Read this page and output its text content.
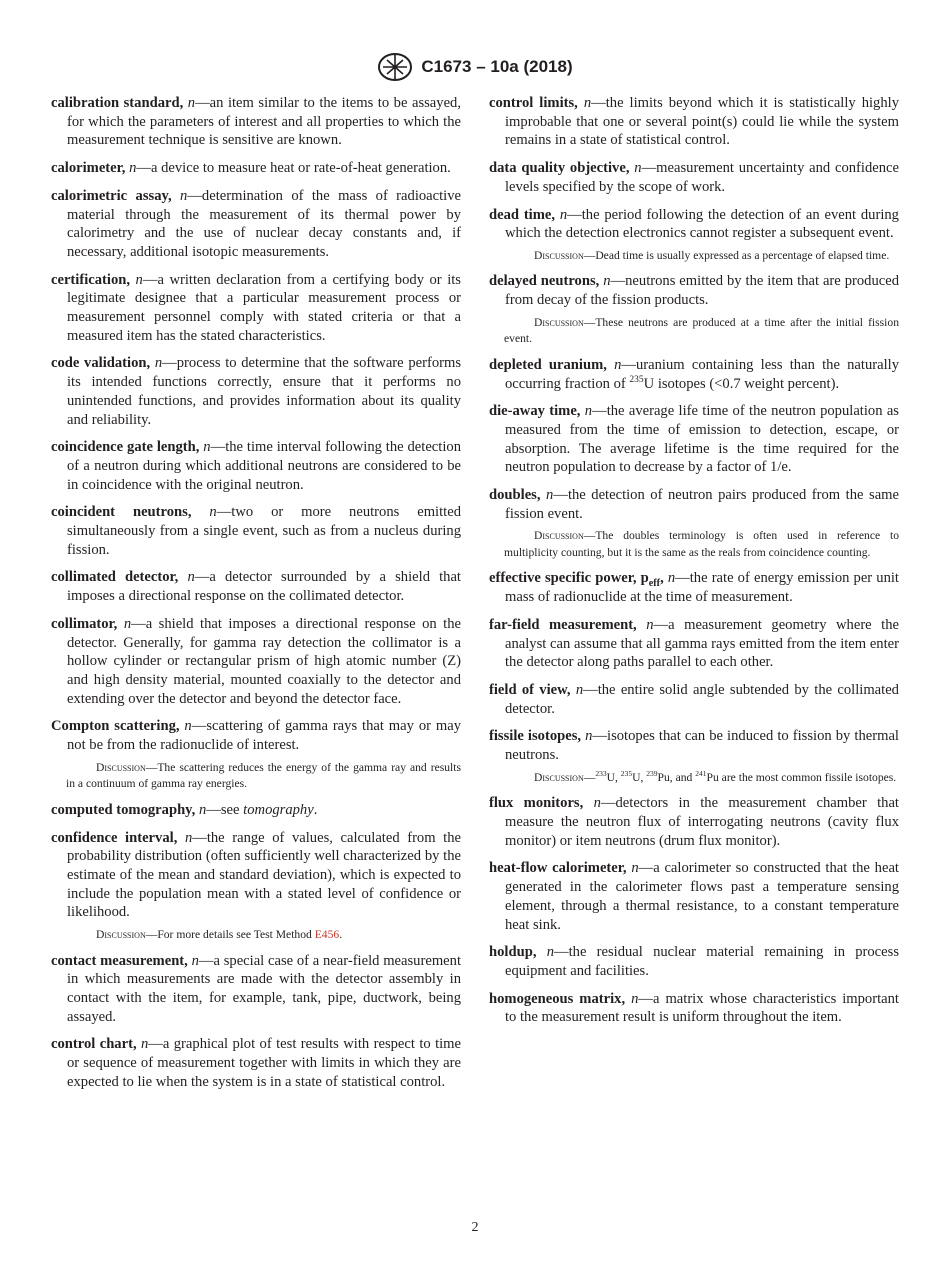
C1673 – 10a (2018)

calibration standard, n—an item similar to the items to be assayed, for which the parameters of interest and all properties to which the measurement technique is sensitive are known.

calorimeter, n—a device to measure heat or rate-of-heat generation.

calorimetric assay, n—determination of the mass of radioactive material through the measurement of its thermal power by calorimetry and the use of nuclear decay constants and, if necessary, additional isotopic measurements.

certification, n—a written declaration from a certifying body or its legitimate designee that a particular measurement process or measurement personnel comply with stated criteria or that a measured item has the stated characteristics.

code validation, n—process to determine that the software performs its intended functions correctly, ensure that it performs no unintended functions, and provides information about its quality and reliability.

coincidence gate length, n—the time interval following the detection of a neutron during which additional neutrons are considered to be in coincidence with the original neutron.

coincident neutrons, n—two or more neutrons emitted simultaneously from a single event, such as from a nucleus during fission.

collimated detector, n—a detector surrounded by a shield that imposes a directional response on the collimated detector.

collimator, n—a shield that imposes a directional response on the detector. Generally, for gamma ray detection the collimator is a hollow cylinder or rectangular prism of high atomic number (Z) and high density material, mounted coaxially to the detector and extending over the detector and beyond the detector face.

Compton scattering, n—scattering of gamma rays that may or may not be from the radionuclide of interest.

Discussion—The scattering reduces the energy of the gamma ray and results in a continuum of gamma ray energies.

computed tomography, n—see tomography.

confidence interval, n—the range of values, calculated from the probability distribution (often sufficiently well characterized by the estimate of the mean and standard deviation), which is expected to include the population mean with a stated level of confidence or likelihood.

Discussion—For more details see Test Method E456.

contact measurement, n—a special case of a near-field measurement in which measurements are made with the detector assembly in contact with the item, for example, tank, pipe, ductwork, being assayed.

control chart, n—a graphical plot of test results with respect to time or sequence of measurement together with limits in which they are expected to lie when the system is in a state of statistical control.

control limits, n—the limits beyond which it is statistically highly improbable that one or several point(s) could lie while the system remains in a state of statistical control.

data quality objective, n—measurement uncertainty and confidence levels specified by the scope of work.

dead time, n—the period following the detection of an event during which the detection electronics cannot register a subsequent event.

Discussion—Dead time is usually expressed as a percentage of elapsed time.

delayed neutrons, n—neutrons emitted by the item that are produced from decay of the fission products.

Discussion—These neutrons are produced at a time after the initial fission event.

depleted uranium, n—uranium containing less than the naturally occurring fraction of $^{235}$U isotopes (<0.7 weight percent).

die-away time, n—the average life time of the neutron population as measured from the time of emission to detection, escape, or absorption. The average lifetime is the time required for the neutron population to decrease by a factor of 1/e.

doubles, n—the detection of neutron pairs produced from the same fission event.

Discussion—The doubles terminology is often used in reference to multiplicity counting, but it is the same as the reals from coincidence counting.

effective specific power, $p_{eff}$, n—the rate of energy emission per unit mass of radionuclide at the time of measurement.

far-field measurement, n—a measurement geometry where the analyst can assume that all gamma rays emitted from the item enter the detector along paths parallel to each other.

field of view, n—the entire solid angle subtended by the collimated detector.

fissile isotopes, n—isotopes that can be induced to fission by thermal neutrons.

Discussion—$^{233}$U, $^{235}$U, $^{239}$Pu, and $^{241}$Pu are the most common fissile isotopes.

flux monitors, n—detectors in the measurement chamber that measure the neutron flux of interrogating neutrons (cavity flux monitor) or item neutrons (drum flux monitor).

heat-flow calorimeter, n—a calorimeter so constructed that the heat generated in the calorimeter flows past a temperature sensing element, through a thermal resistance, to a constant temperature heat sink.

holdup, n—the residual nuclear material remaining in process equipment and facilities.

homogeneous matrix, n—a matrix whose characteristics important to the measurement result is uniform throughout the item.

2
